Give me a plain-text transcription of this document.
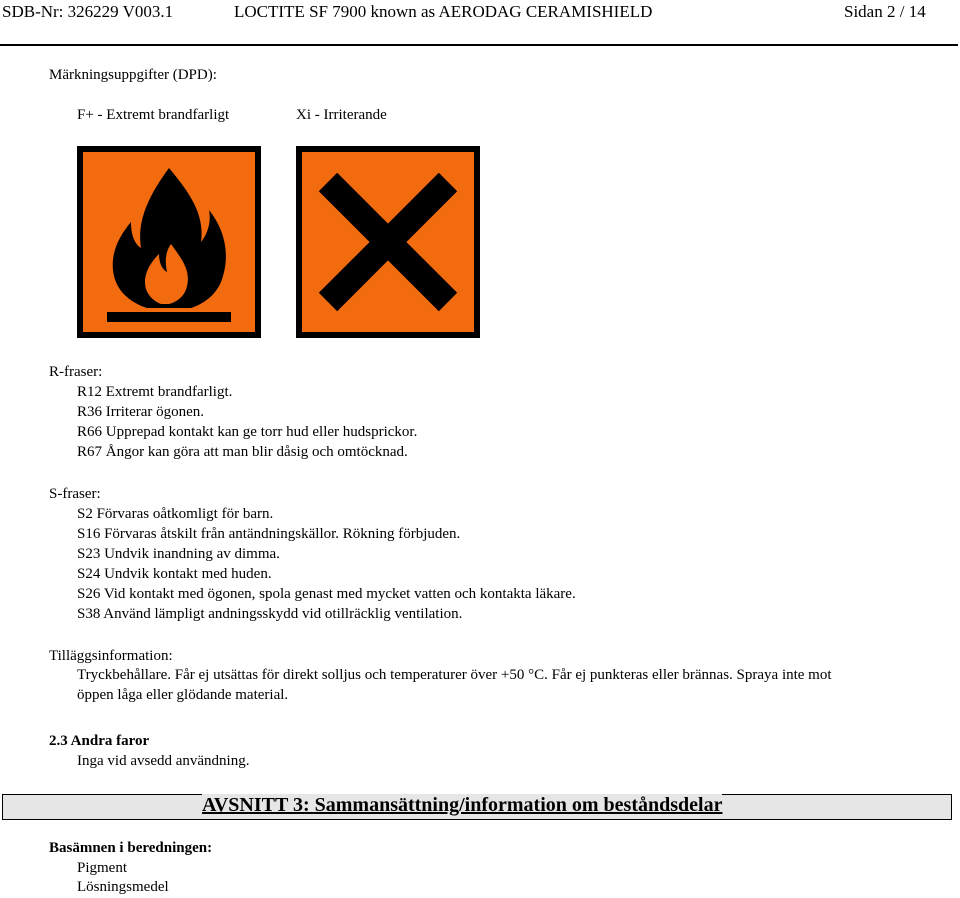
SDB-Nr: 326229 V003.1	LOCTITE SF 7900 known as AERODAG CERAMISHIELD	Sidan 2 / 14
Märkningsuppgifter (DPD):
F+ - Extremt brandfarligt	Xi - Irriterande
R-fraser:
R12 Extremt brandfarligt.
R36 Irriterar ögonen.
R66 Upprepad kontakt kan ge torr hud eller hudsprickor.
R67 Ångor kan göra att man blir dåsig och omtöcknad.
S-fraser:
S2 Förvaras oåtkomligt för barn.
S16 Förvaras åtskilt från antändningskällor. Rökning förbjuden.
S23 Undvik inandning av dimma.
S24 Undvik kontakt med huden.
S26 Vid kontakt med ögonen, spola genast med mycket vatten och kontakta läkare.
S38 Använd lämpligt andningsskydd vid otillräcklig ventilation.
Tilläggsinformation:
Tryckbehållare. Får ej utsättas för direkt solljus och temperaturer över +50 °C. Får ej punkteras eller brännas. Spraya inte mot
öppen låga eller glödande material.
2.3 Andra faror
Inga vid avsedd användning.
AVSNITT 3: Sammansättning/information om beståndsdelar
Basämnen i beredningen:
Pigment
Lösningsmedel
